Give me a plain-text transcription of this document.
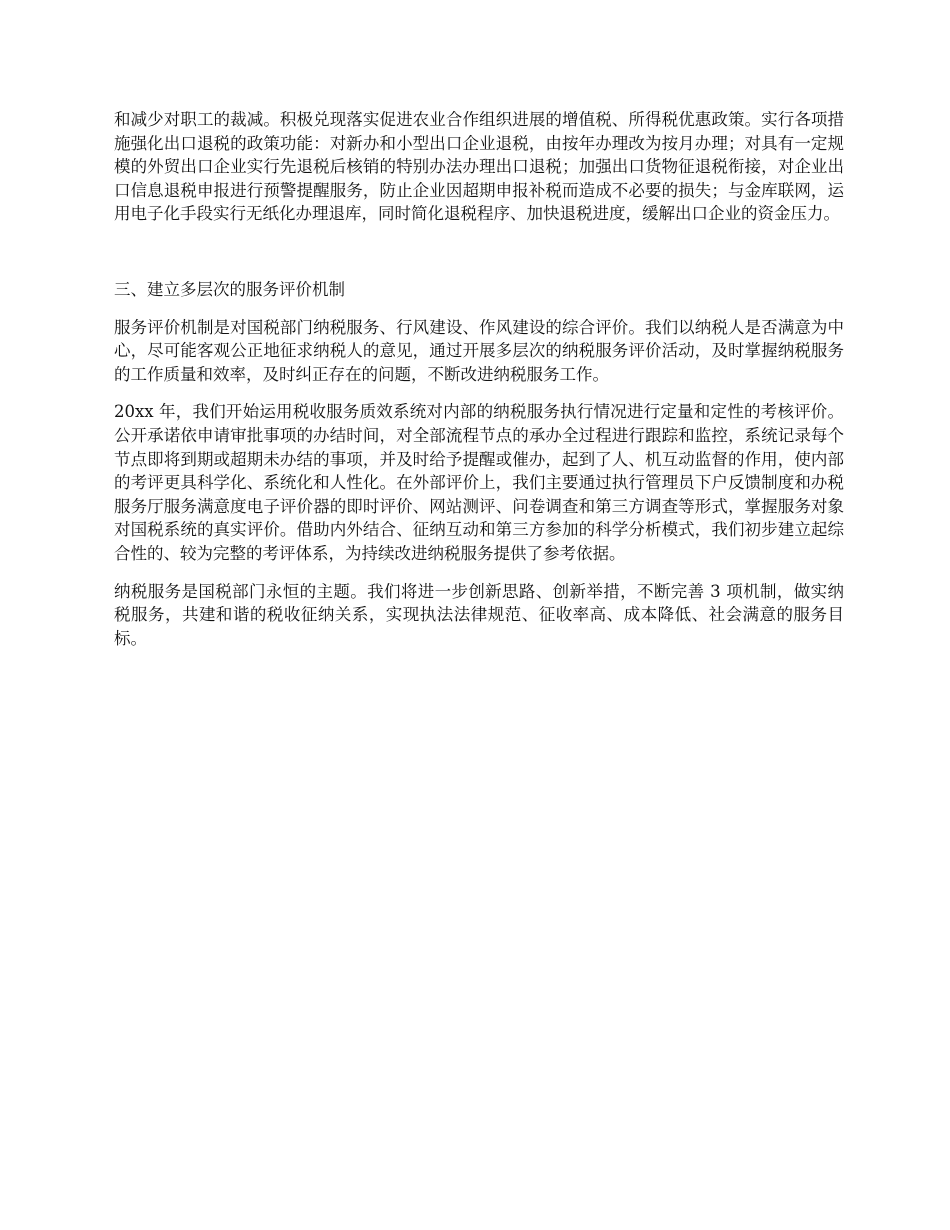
和减少对职工的裁减。积极兑现落实促进农业合作组织进展的增值税、所得税优惠政策。实行各项措施强化出口退税的政策功能：对新办和小型出口企业退税，由按年办理改为按月办理；对具有一定规模的外贸出口企业实行先退税后核销的特别办法办理出口退税；加强出口货物征退税衔接，对企业出口信息退税申报进行预警提醒服务，防止企业因超期申报补税而造成不必要的损失；与金库联网，运用电子化手段实行无纸化办理退库，同时简化退税程序、加快退税进度，缓解出口企业的资金压力。

三、建立多层次的服务评价机制

服务评价机制是对国税部门纳税服务、行风建设、作风建设的综合评价。我们以纳税人是否满意为中心，尽可能客观公正地征求纳税人的意见，通过开展多层次的纳税服务评价活动，及时掌握纳税服务的工作质量和效率，及时纠正存在的问题，不断改进纳税服务工作。

20xx 年，我们开始运用税收服务质效系统对内部的纳税服务执行情况进行定量和定性的考核评价。公开承诺依申请审批事项的办结时间，对全部流程节点的承办全过程进行跟踪和监控，系统记录每个节点即将到期或超期未办结的事项，并及时给予提醒或催办，起到了人、机互动监督的作用，使内部的考评更具科学化、系统化和人性化。在外部评价上，我们主要通过执行管理员下户反馈制度和办税服务厅服务满意度电子评价器的即时评价、网站测评、问卷调查和第三方调查等形式，掌握服务对象对国税系统的真实评价。借助内外结合、征纳互动和第三方参加的科学分析模式，我们初步建立起综合性的、较为完整的考评体系，为持续改进纳税服务提供了参考依据。

纳税服务是国税部门永恒的主题。我们将进一步创新思路、创新举措，不断完善 3 项机制，做实纳税服务，共建和谐的税收征纳关系，实现执法法律规范、征收率高、成本降低、社会满意的服务目标。
